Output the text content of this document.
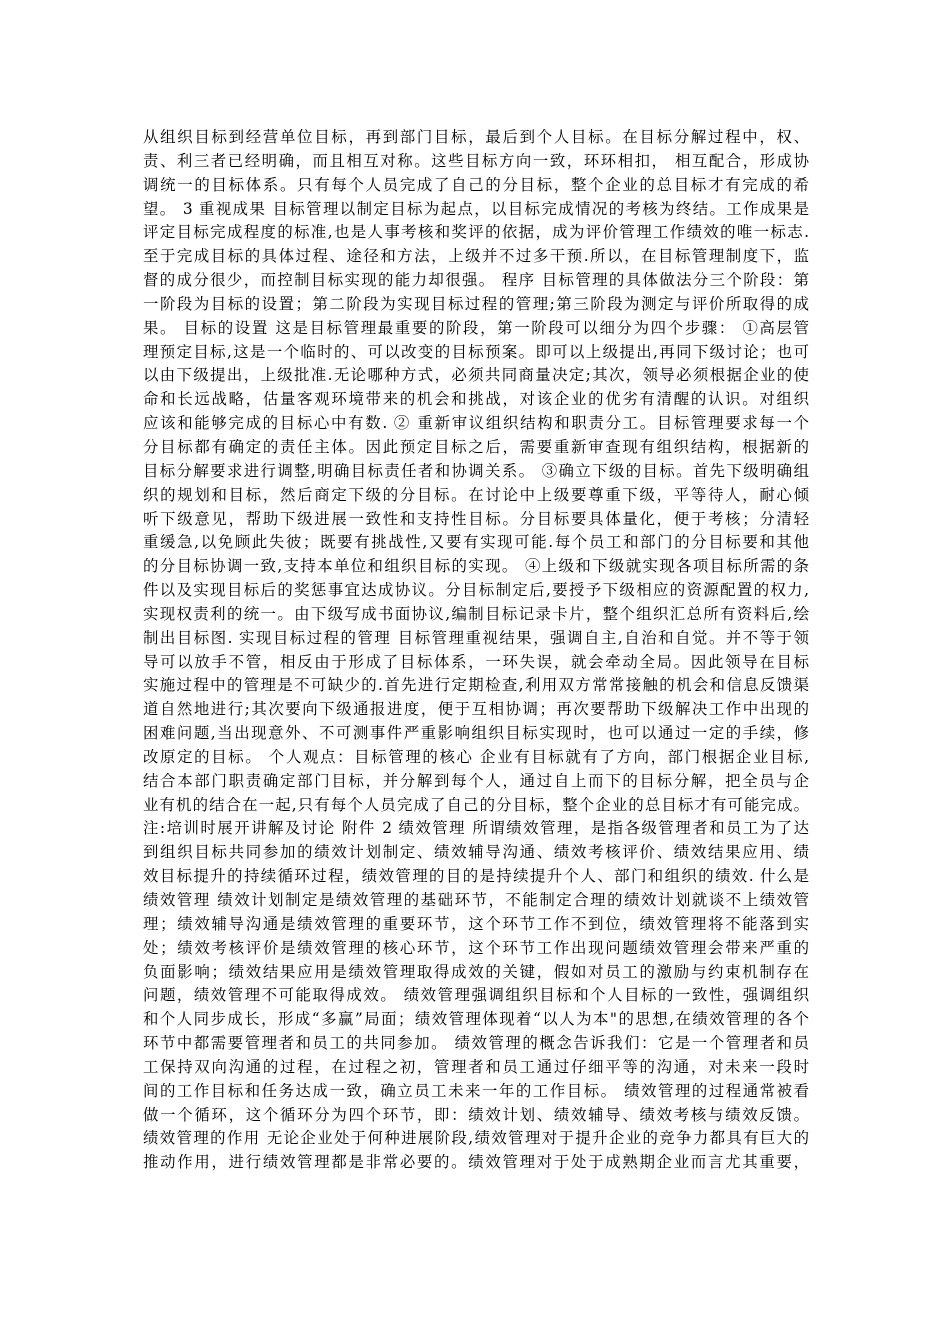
从组织目标到经营单位目标，再到部门目标，最后到个人目标。在目标分解过程中，权、
责、利三者已经明确，而且相互对称。这些目标方向一致，环环相扣， 相互配合，形成协
调统一的目标体系。只有每个人员完成了自己的分目标，整个企业的总目标才有完成的希
望。 3 重视成果 目标管理以制定目标为起点，以目标完成情况的考核为终结。工作成果是
评定目标完成程度的标准,也是人事考核和奖评的依据，成为评价管理工作绩效的唯一标志.
至于完成目标的具体过程、途径和方法，上级并不过多干预.所以，在目标管理制度下，监
督的成分很少，而控制目标实现的能力却很强。 程序 目标管理的具体做法分三个阶段：第
一阶段为目标的设置；第二阶段为实现目标过程的管理;第三阶段为测定与评价所取得的成
果。 目标的设置 这是目标管理最重要的阶段，第一阶段可以细分为四个步骤： ①高层管
理预定目标,这是一个临时的、可以改变的目标预案。即可以上级提出,再同下级讨论；也可
以由下级提出，上级批准.无论哪种方式，必须共同商量决定;其次，领导必须根据企业的使
命和长远战略，估量客观环境带来的机会和挑战，对该企业的优劣有清醒的认识。对组织
应该和能够完成的目标心中有数. ② 重新审议组织结构和职责分工。目标管理要求每一个
分目标都有确定的责任主体。因此预定目标之后，需要重新审查现有组织结构，根据新的
目标分解要求进行调整,明确目标责任者和协调关系。 ③确立下级的目标。首先下级明确组
织的规划和目标，然后商定下级的分目标。在讨论中上级要尊重下级，平等待人，耐心倾
听下级意见，帮助下级进展一致性和支持性目标。分目标要具体量化，便于考核；分清轻
重缓急,以免顾此失彼；既要有挑战性,又要有实现可能.每个员工和部门的分目标要和其他
的分目标协调一致,支持本单位和组织目标的实现。 ④上级和下级就实现各项目标所需的条
件以及实现目标后的奖惩事宜达成协议。分目标制定后,要授予下级相应的资源配置的权力,
实现权责利的统一。由下级写成书面协议,编制目标记录卡片，整个组织汇总所有资料后,绘
制出目标图. 实现目标过程的管理 目标管理重视结果，强调自主,自治和自觉。并不等于领
导可以放手不管，相反由于形成了目标体系，一环失误，就会牵动全局。因此领导在目标
实施过程中的管理是不可缺少的.首先进行定期检查,利用双方常常接触的机会和信息反馈渠
道自然地进行;其次要向下级通报进度，便于互相协调；再次要帮助下级解决工作中出现的
困难问题,当出现意外、不可测事件严重影响组织目标实现时，也可以通过一定的手续，修
改原定的目标。 个人观点：目标管理的核心 企业有目标就有了方向，部门根据企业目标,
结合本部门职责确定部门目标，并分解到每个人，通过自上而下的目标分解，把全员与企
业有机的结合在一起,只有每个人员完成了自己的分目标，整个企业的总目标才有可能完成。
注:培训时展开讲解及讨论 附件 2 绩效管理 所谓绩效管理，是指各级管理者和员工为了达
到组织目标共同参加的绩效计划制定、绩效辅导沟通、绩效考核评价、绩效结果应用、绩
效目标提升的持续循环过程，绩效管理的目的是持续提升个人、部门和组织的绩效. 什么是
绩效管理 绩效计划制定是绩效管理的基础环节，不能制定合理的绩效计划就谈不上绩效管
理；绩效辅导沟通是绩效管理的重要环节，这个环节工作不到位，绩效管理将不能落到实
处；绩效考核评价是绩效管理的核心环节，这个环节工作出现问题绩效管理会带来严重的
负面影响；绩效结果应用是绩效管理取得成效的关键，假如对员工的激励与约束机制存在
问题，绩效管理不可能取得成效。 绩效管理强调组织目标和个人目标的一致性，强调组织
和个人同步成长，形成“多赢”局面；绩效管理体现着“以人为本"的思想,在绩效管理的各个
环节中都需要管理者和员工的共同参加。 绩效管理的概念告诉我们：它是一个管理者和员
工保持双向沟通的过程，在过程之初，管理者和员工通过仔细平等的沟通，对未来一段时
间的工作目标和任务达成一致，确立员工未来一年的工作目标。 绩效管理的过程通常被看
做一个循环，这个循环分为四个环节，即：绩效计划、绩效辅导、绩效考核与绩效反馈。
绩效管理的作用 无论企业处于何种进展阶段,绩效管理对于提升企业的竞争力都具有巨大的
推动作用，进行绩效管理都是非常必要的。绩效管理对于处于成熟期企业而言尤其重要，
